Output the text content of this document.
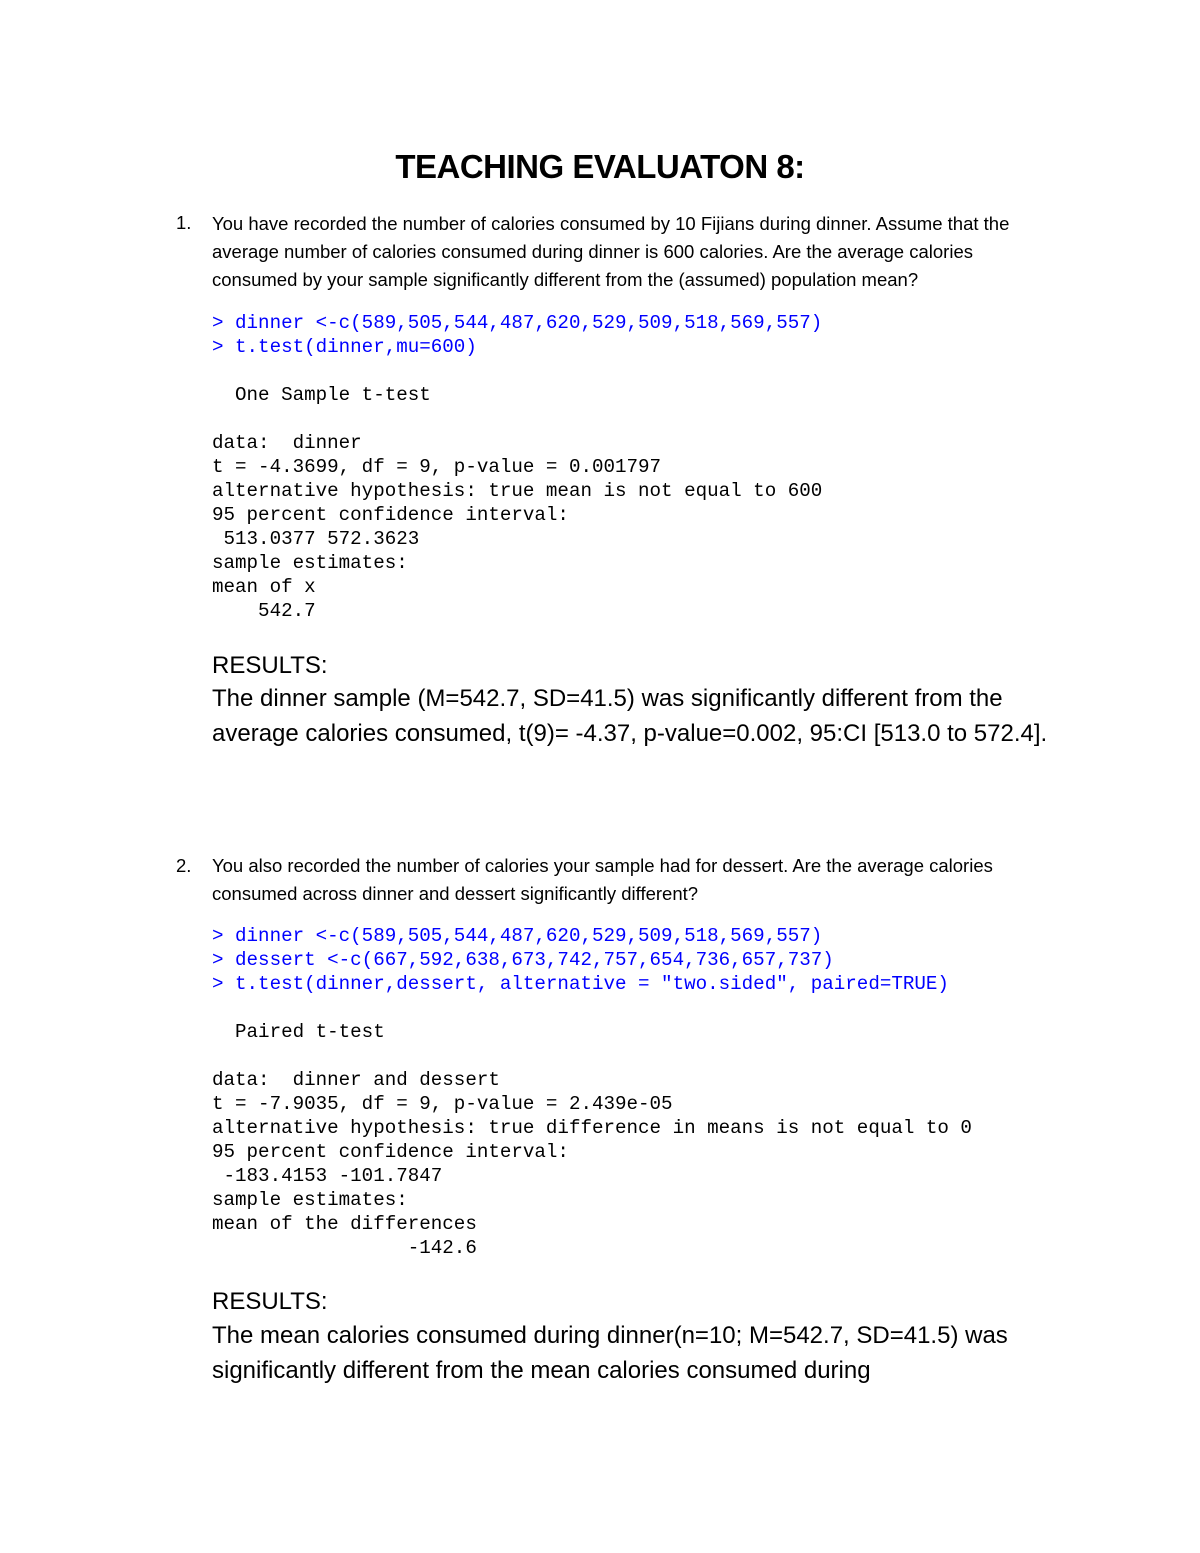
TEACHING EVALUATON 8:
1. You have recorded the number of calories consumed by 10 Fijians during dinner. Assume that the average number of calories consumed during dinner is 600 calories. Are the average calories consumed by your sample significantly different from the (assumed) population mean?
> dinner <-c(589,505,544,487,620,529,509,518,569,557)
> t.test(dinner,mu=600)

One Sample t-test

data:  dinner
t = -4.3699, df = 9, p-value = 0.001797
alternative hypothesis: true mean is not equal to 600
95 percent confidence interval:
513.0377 572.3623
sample estimates:
mean of x
542.7
RESULTS:
The dinner sample (M=542.7, SD=41.5) was significantly different from the average calories consumed, t(9)= -4.37, p-value=0.002, 95:CI [513.0 to 572.4].
2. You also recorded the number of calories your sample had for dessert. Are the average calories consumed across dinner and dessert significantly different?
> dinner <-c(589,505,544,487,620,529,509,518,569,557)
> dessert <-c(667,592,638,673,742,757,654,736,657,737)
> t.test(dinner,dessert, alternative = "two.sided", paired=TRUE)

Paired t-test

data:  dinner and dessert
t = -7.9035, df = 9, p-value = 2.439e-05
alternative hypothesis: true difference in means is not equal to 0
95 percent confidence interval:
-183.4153 -101.7847
sample estimates:
mean of the differences
-142.6
RESULTS:
The mean calories consumed during dinner(n=10; M=542.7, SD=41.5) was significantly different from the mean calories consumed during
